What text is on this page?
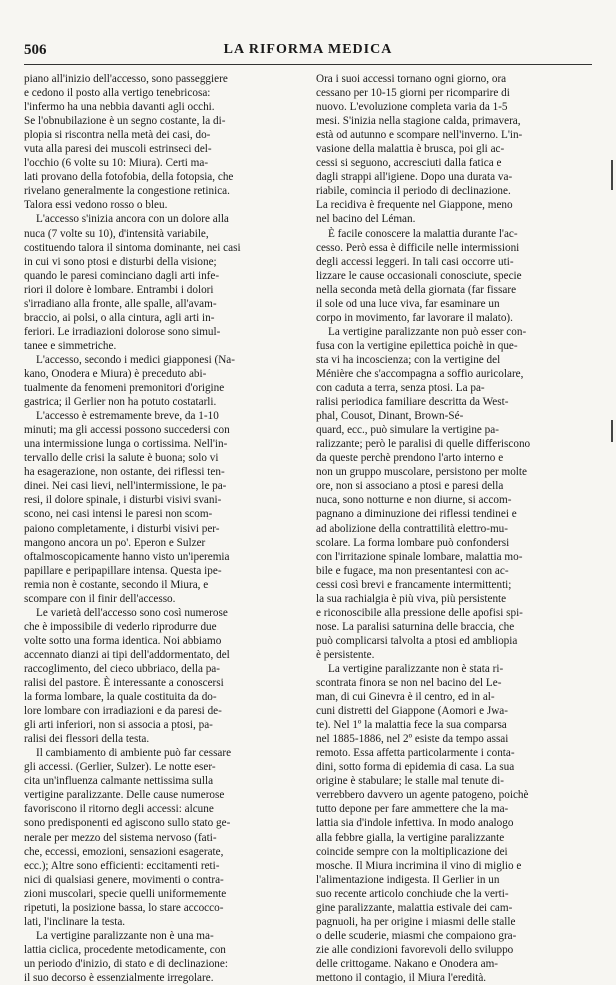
506	LA RIFORMA MEDICA
piano all'inizio dell'accesso, sono passeggiere
e cedono il posto alla vertigo tenebricosa:
l'infermo ha una nebbia davanti agli occhi.
Se l'obnubilazione è un segno costante, la di-
plopia si riscontra nella metà dei casi, do-
vuta alla paresi dei muscoli estrinseci del-
l'occhio (6 volte su 10: Miura). Certi ma-
lati provano della fotofobia, della fotopsia, che
rivelano generalmente la congestione retinica.
Talora essi vedono rosso o bleu.
L'accesso s'inizia ancora con un dolore alla
nuca (7 volte su 10), d'intensità variabile,
costituendo talora il sintoma dominante, nei casi
in cui vi sono ptosi e disturbi della visione;
quando le paresi cominciano dagli arti infe-
riori il dolore è lombare. Entrambi i dolori
s'irradiano alla fronte, alle spalle, all'avam-
braccio, ai polsi, o alla cintura, agli arti in-
feriori. Le irradiazioni dolorose sono simul-
tanee e simmetriche.
L'accesso, secondo i medici giapponesi (Na-
kano, Onodera e Miura) è preceduto abi-
tualmente da fenomeni premonitori d'origine
gastrica; il Gerlier non ha potuto costatarli.
L'accesso è estremamente breve, da 1-10
minuti; ma gli accessi possono succedersi con
una intermissione lunga o cortissima. Nell'in-
tervallo delle crisi la salute è buona; solo vi
ha esagerazione, non ostante, dei riflessi ten-
dinei. Nei casi lievi, nell'intermissione, le pa-
resi, il dolore spinale, i disturbi visivi svani-
scono, nei casi intensi le paresi non scom-
paiono completamente, i disturbi visivi per-
mangono ancora un po'. Eperon e Sulzer
oftalmoscopicamente hanno visto un'iperemia
papillare e peripapillare intensa. Questa ipe-
remia non è costante, secondo il Miura, e
scompare con il finir dell'accesso.
Le varietà dell'accesso sono così numerose
che è impossibile di vederlo riprodurre due
volte sotto una forma identica. Noi abbiamo
accennato dianzi ai tipi dell'addormentato, del
raccoglimento, del cieco ubbriaco, della pa-
ralisi del pastore. È interessante a conoscersi
la forma lombare, la quale costituita da do-
lore lombare con irradiazioni e da paresi de-
gli arti inferiori, non si associa a ptosi, pa-
ralisi dei flessori della testa.
Il cambiamento di ambiente può far cessare
gli accessi. (Gerlier, Sulzer). Le notte eser-
cita un'influenza calmante nettissima sulla
vertigine paralizzante. Delle cause numerose
favoriscono il ritorno degli accessi: alcune
sono predisponenti ed agiscono sullo stato ge-
nerale per mezzo del sistema nervoso (fati-
che, eccessi, emozioni, sensazioni esagerate,
ecc.); Altre sono efficienti: eccitamenti reti-
nici di qualsiasi genere, movimenti o contra-
zioni muscolari, specie quelli uniformemente
ripetuti, la posizione bassa, lo stare accocco-
lati, l'inclinare la testa.
La vertigine paralizzante non è una ma-
lattia ciclica, procedente metodicamente, con
un periodo d'inizio, di stato e di declinazione:
il suo decorso è essenzialmente irregolare.
Ora i suoi accessi tornano ogni giorno, ora
cessano per 10-15 giorni per ricomparire di
nuovo. L'evoluzione completa varia da 1-5
mesi. S'inizia nella stagione calda, primavera,
està od autunno e scompare nell'inverno. L'in-
vasione della malattia è brusca, poi gli ac-
cessi si seguono, accresciuti dalla fatica e
dagli strappi all'igiene. Dopo una durata va-
riabile, comincia il periodo di declinazione.
La recidiva è frequente nel Giappone, meno
nel bacino del Léman.
È facile conoscere la malattia durante l'ac-
cesso. Però essa è difficile nelle intermissioni
degli accessi leggeri. In tali casi occorre uti-
lizzare le cause occasionali conosciute, specie
nella seconda metà della giornata (far fissare
il sole od una luce viva, far esaminare un
corpo in movimento, far lavorare il malato).
La vertigine paralizzante non può esser con-
fusa con la vertigine epilettica poichè in que-
sta vi ha incoscienza; con la vertigine del
Ménière che s'accompagna a soffio auricolare,
con caduta a terra, senza ptosi. La pa-
ralisi periodica familiare descritta da West-
phal, Cousot, Dinant, Brown-Sé-
quard, ecc., può simulare la vertigine pa-
ralizzante; però le paralisi di quelle differiscono
da queste perchè prendono l'arto interno e
non un gruppo muscolare, persistono per molte
ore, non si associano a ptosi e paresi della
nuca, sono notturne e non diurne, si accom-
pagnano a diminuzione dei riflessi tendinei e
ad abolizione della contrattilità elettro-mu-
scolare. La forma lombare può confondersi
con l'irritazione spinale lombare, malattia mo-
bile e fugace, ma non presentantesi con ac-
cessi così brevi e francamente intermittenti;
la sua rachialgia è più viva, più persistente
e riconoscibile alla pressione delle apofisi spi-
nose. La paralisi saturnina delle braccia, che
può complicarsi talvolta a ptosi ed ambliopia
è persistente.
La vertigine paralizzante non è stata ri-
scontrata finora se non nel bacino del Le-
man, di cui Ginevra è il centro, ed in al-
cuni distretti del Giappone (Aomori e Jwa-
te). Nel 1º la malattia fece la sua comparsa
nel 1885-1886, nel 2º esiste da tempo assai
remoto. Essa affetta particolarmente i conta-
dini, sotto forma di epidemia di casa. La sua
origine è stabulare; le stalle mal tenute di-
verrebbero davvero un agente patogeno, poichè
tutto depone per fare ammettere che la ma-
lattia sia d'indole infettiva. In modo analogo
alla febbre gialla, la vertigine paralizzante
coincide sempre con la moltiplicazione dei
mosche. Il Miura incrimina il vino di miglio e
l'alimentazione indigesta. Il Gerlier in un
suo recente articolo conchiude che la verti-
gine paralizzante, malattia estivale dei cam-
pagnuoli, ha per origine i miasmi delle stalle
o delle scuderie, miasmi che compaiono gra-
zie alle condizioni favorevoli dello sviluppo
delle crittogame. Nakano e Onodera am-
mettono il contagio, il Miura l'eredità.
